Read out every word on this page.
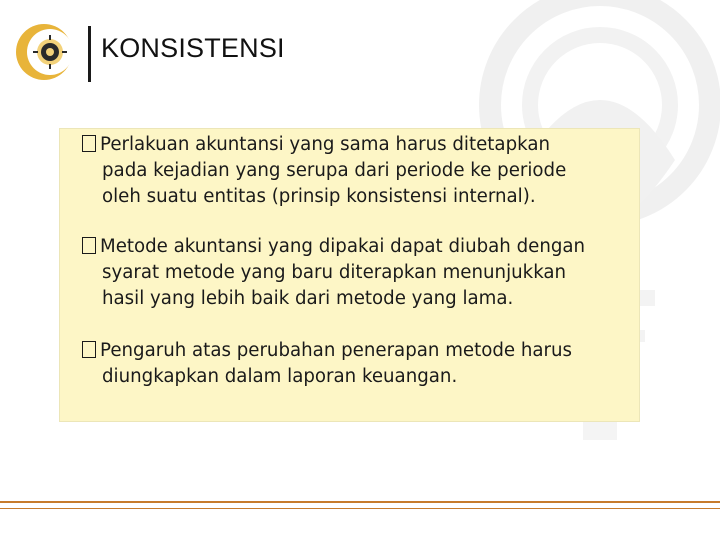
KONSISTENSI
Perlakuan akuntansi yang sama harus ditetapkan
pada kejadian yang serupa dari periode ke periode
oleh suatu entitas (prinsip konsistensi internal).
Metode akuntansi yang dipakai dapat diubah dengan
syarat metode yang baru diterapkan menunjukkan
hasil yang lebih baik dari metode yang lama.
Pengaruh atas perubahan penerapan metode harus
diungkapkan dalam laporan keuangan.
